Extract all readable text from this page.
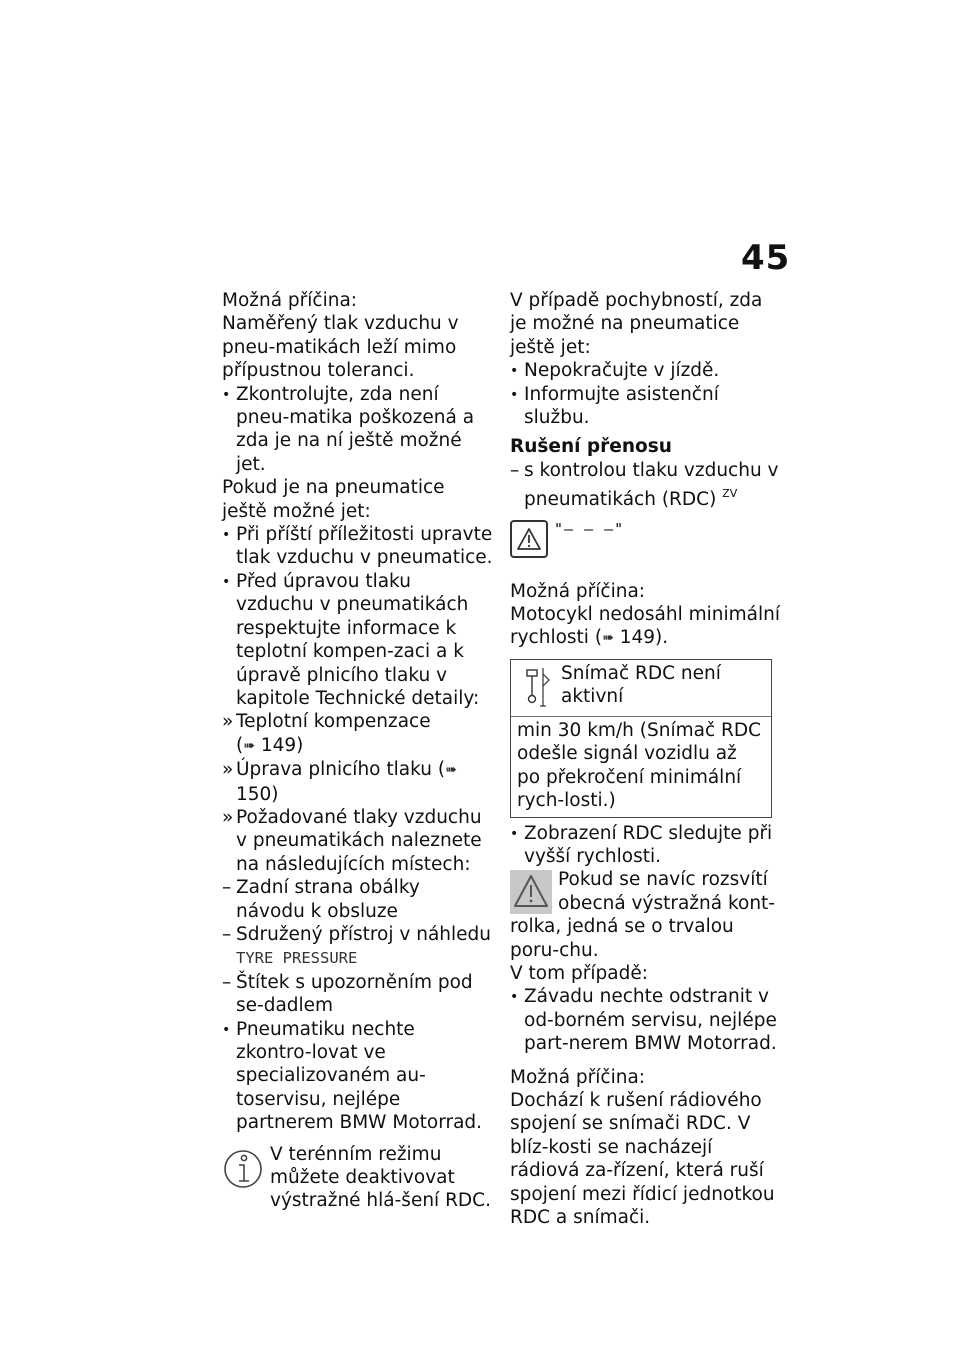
45

Možná příčina:

Naměřený tlak vzduchu v pneu-matikách leží mimo přípustnou toleranci.

• Zkontrolujte, zda není pneu-matika poškozená a zda je na ní ještě možné jet.

Pokud je na pneumatice ještě možné jet:

• Při příští příležitosti upravte tlak vzduchu v pneumatice.
• Před úpravou tlaku vzduchu v pneumatikách respektujte informace k teplotní kompen-zaci a k úpravě plnicího tlaku v kapitole Technické detaily:
» Teplotní kompenzace
(➠ 149)
» Úprava plnicího tlaku (➠ 150)
» Požadované tlaky vzduchu v pneumatikách naleznete na následujících místech:
– Zadní strana obálky návodu k obsluze
– Sdružený přístroj v náhledu
TYRE PRESSURE
– Štítek s upozorněním pod se-dadlem
• Pneumatiku nechte zkontro-lovat ve specializovaném au-toservisu, nejlépe partnerem BMW Motorrad.
V terénním režimu můžete deaktivovat výstražné hlá-šení RDC.

V případě pochybností, zda je možné na pneumatice ještě jet:

• Nepokračujte v jízdě.
• Informujte asistenční službu.

Rušení přenosu

– s kontrolou tlaku vzduchu v pneumatikách (RDC) $^{ZV}$
"– – –"

Možná příčina:

Motocykl nedosáhl minimální rychlosti (➠ 149).

Snímač RDC není aktivní
min 30 km/h (Snímač RDC odešle signál vozidlu až po překročení minimální rych-losti.)
• Zobrazení RDC sledujte při vyšší rychlosti.
Pokud se navíc rozsvítí obecná výstražná kont-rolka, jedná se o trvalou poru-chu.

V tom případě:

• Závadu nechte odstranit v od-borném servisu, nejlépe part-nerem BMW Motorrad.

Možná příčina:

Dochází k rušení rádiového spojení se snímači RDC. V blíz-kosti se nacházejí rádiová za-řízení, která ruší spojení mezi řídicí jednotkou RDC a snímači.
